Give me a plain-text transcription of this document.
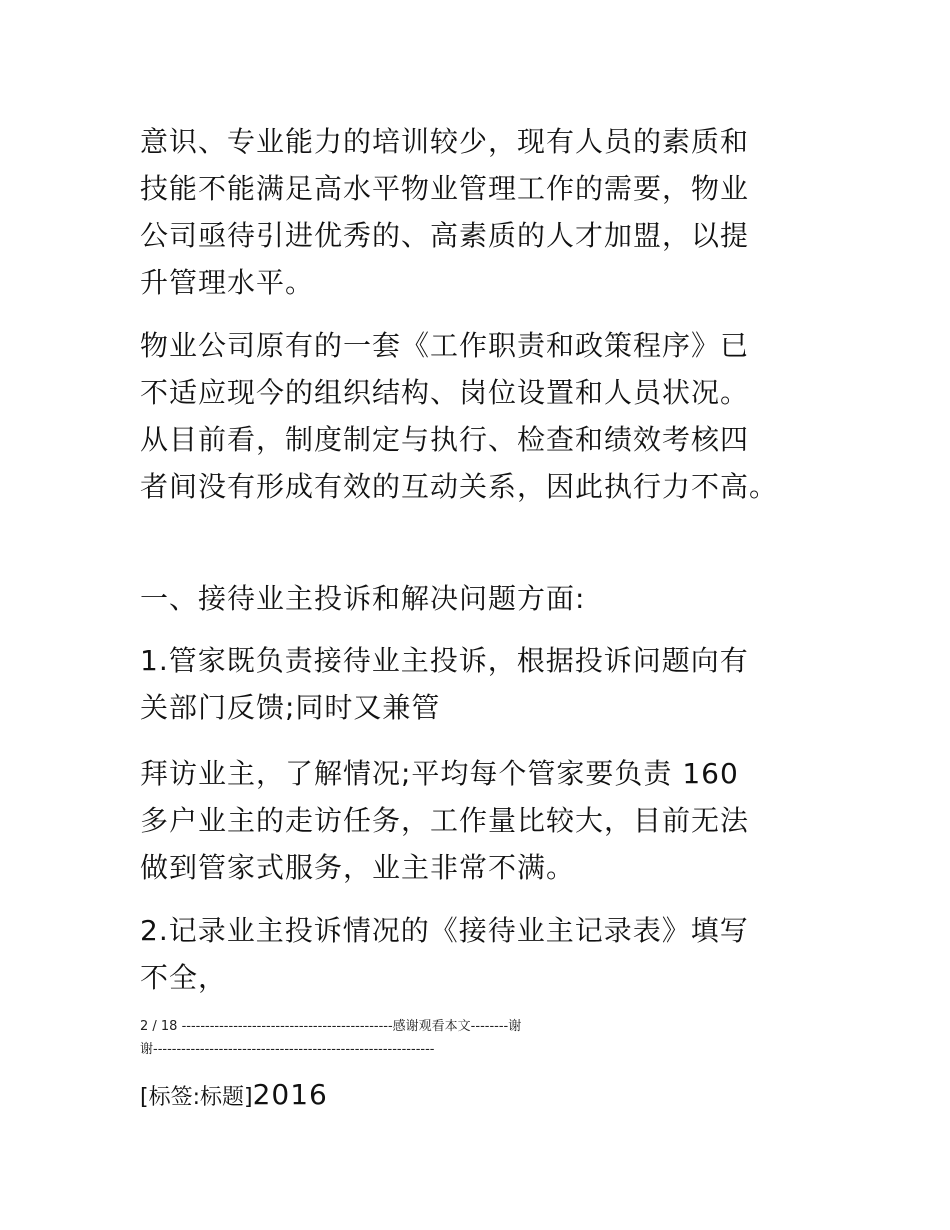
意识、专业能力的培训较少，现有人员的素质和
技能不能满足高水平物业管理工作的需要，物业
公司亟待引进优秀的、高素质的人才加盟，以提
升管理水平。
物业公司原有的一套《工作职责和政策程序》已
不适应现今的组织结构、岗位设置和人员状况。
从目前看，制度制定与执行、检查和绩效考核四
者间没有形成有效的互动关系，因此执行力不高。
一、接待业主投诉和解决问题方面:
1.管家既负责接待业主投诉，根据投诉问题向有
关部门反馈;同时又兼管
拜访业主，了解情况;平均每个管家要负责 160
多户业主的走访任务，工作量比较大，目前无法
做到管家式服务，业主非常不满。
2.记录业主投诉情况的《接待业主记录表》填写
不全，
2 / 18 ---------------------------------------------感谢观看本文--------谢
谢------------------------------------------------------------
[标签:标题]2016
